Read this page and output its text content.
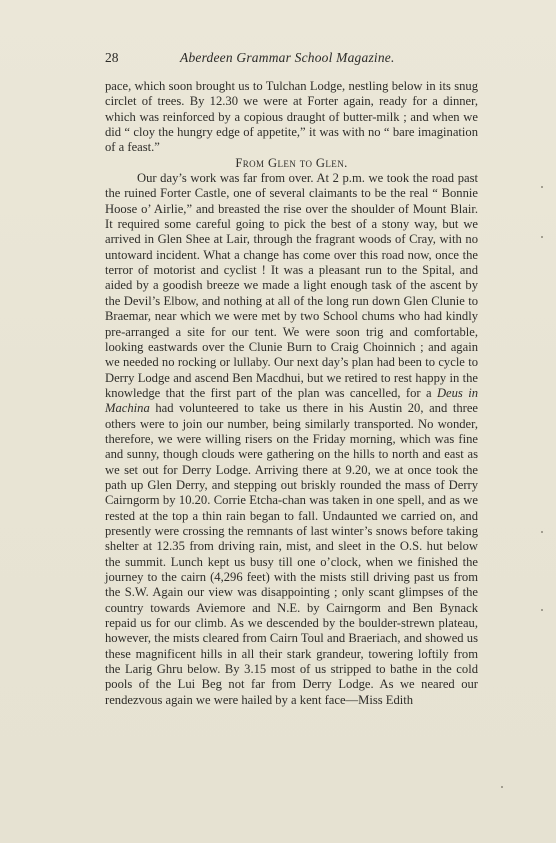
28	Aberdeen Grammar School Magazine.

pace, which soon brought us to Tulchan Lodge, nestling below in its snug circlet of trees. By 12.30 we were at Forter again, ready for a dinner, which was reinforced by a copious draught of butter-milk ; and when we did “ cloy the hungry edge of appetite,” it was with no “ bare imagination of a feast.”

From Glen to Glen.

Our day’s work was far from over. At 2 p.m. we took the road past the ruined Forter Castle, one of several claimants to be the real “ Bonnie Hoose o’ Airlie,” and breasted the rise over the shoulder of Mount Blair. It required some careful going to pick the best of a stony way, but we arrived in Glen Shee at Lair, through the fragrant woods of Cray, with no untoward incident. What a change has come over this road now, once the terror of motorist and cyclist ! It was a pleasant run to the Spital, and aided by a goodish breeze we made a light enough task of the ascent by the Devil’s Elbow, and nothing at all of the long run down Glen Clunie to Braemar, near which we were met by two School chums who had kindly pre-arranged a site for our tent. We were soon trig and comfortable, looking eastwards over the Clunie Burn to Craig Choinnich ; and again we needed no rocking or lullaby. Our next day’s plan had been to cycle to Derry Lodge and ascend Ben Macdhui, but we retired to rest happy in the knowledge that the first part of the plan was cancelled, for a Deus in Machina had volunteered to take us there in his Austin 20, and three others were to join our number, being similarly transported. No wonder, therefore, we were willing risers on the Friday morning, which was fine and sunny, though clouds were gathering on the hills to north and east as we set out for Derry Lodge. Arriving there at 9.20, we at once took the path up Glen Derry, and stepping out briskly rounded the mass of Derry Cairngorm by 10.20. Corrie Etcha-chan was taken in one spell, and as we rested at the top a thin rain began to fall. Undaunted we carried on, and presently were crossing the remnants of last winter’s snows before taking shelter at 12.35 from driving rain, mist, and sleet in the O.S. hut below the summit. Lunch kept us busy till one o’clock, when we finished the journey to the cairn (4,296 feet) with the mists still driving past us from the S.W. Again our view was disappointing ; only scant glimpses of the country towards Aviemore and N.E. by Cairngorm and Ben Bynack repaid us for our climb. As we descended by the boulder-strewn plateau, however, the mists cleared from Cairn Toul and Braeriach, and showed us these magnificent hills in all their stark grandeur, towering loftily from the Larig Ghru below. By 3.15 most of us stripped to bathe in the cold pools of the Lui Beg not far from Derry Lodge. As we neared our rendezvous again we were hailed by a kent face—Miss Edith
